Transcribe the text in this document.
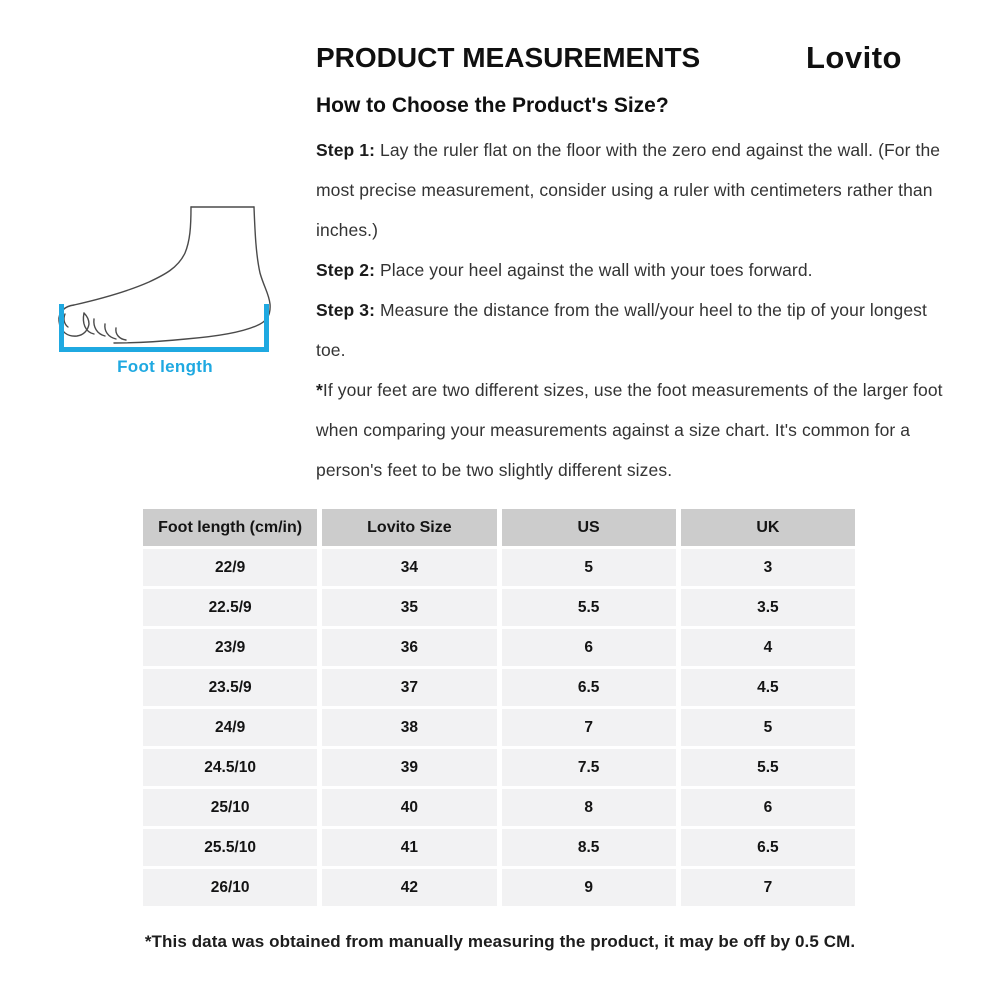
PRODUCT MEASUREMENTS	Lovito
Foot length
How to Choose the Product's Size?

Step 1: Lay the ruler flat on the floor with the zero end against the wall. (For the most precise measurement, consider using a ruler with centimeters rather than inches.)

Step 2: Place your heel against the wall with your toes forward.

Step 3: Measure the distance from the wall/your heel to the tip of your longest toe.

*If your feet are two different sizes, use the foot measurements of the larger foot when comparing your measurements against a size chart. It's common for a person's feet to be two slightly different sizes.

Foot length (cm/in)	Lovito Size	US	UK
22/9	34	5	3
22.5/9	35	5.5	3.5
23/9	36	6	4
23.5/9	37	6.5	4.5
24/9	38	7	5
24.5/10	39	7.5	5.5
25/10	40	8	6
25.5/10	41	8.5	6.5
26/10	42	9	7
*This data was obtained from manually measuring the product, it may be off by 0.5 CM.
